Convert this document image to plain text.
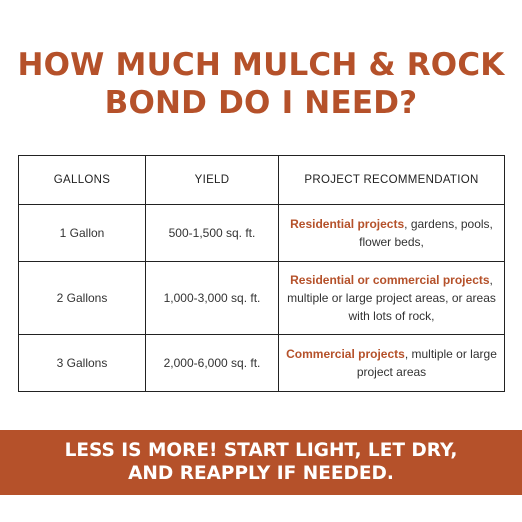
HOW MUCH MULCH & ROCK
BOND DO I NEED?
GALLONS	YIELD	PROJECT RECOMMENDATION
1 Gallon	500-1,500 sq. ft.	Residential projects, gardens, pools, flower beds,
2 Gallons	1,000-3,000 sq. ft.	Residential or commercial projects, multiple or large project areas, or areas with lots of rock,
3 Gallons	2,000-6,000 sq. ft.	Commercial projects, multiple or large project areas
LESS IS MORE! START LIGHT, LET DRY,
AND REAPPLY IF NEEDED.
